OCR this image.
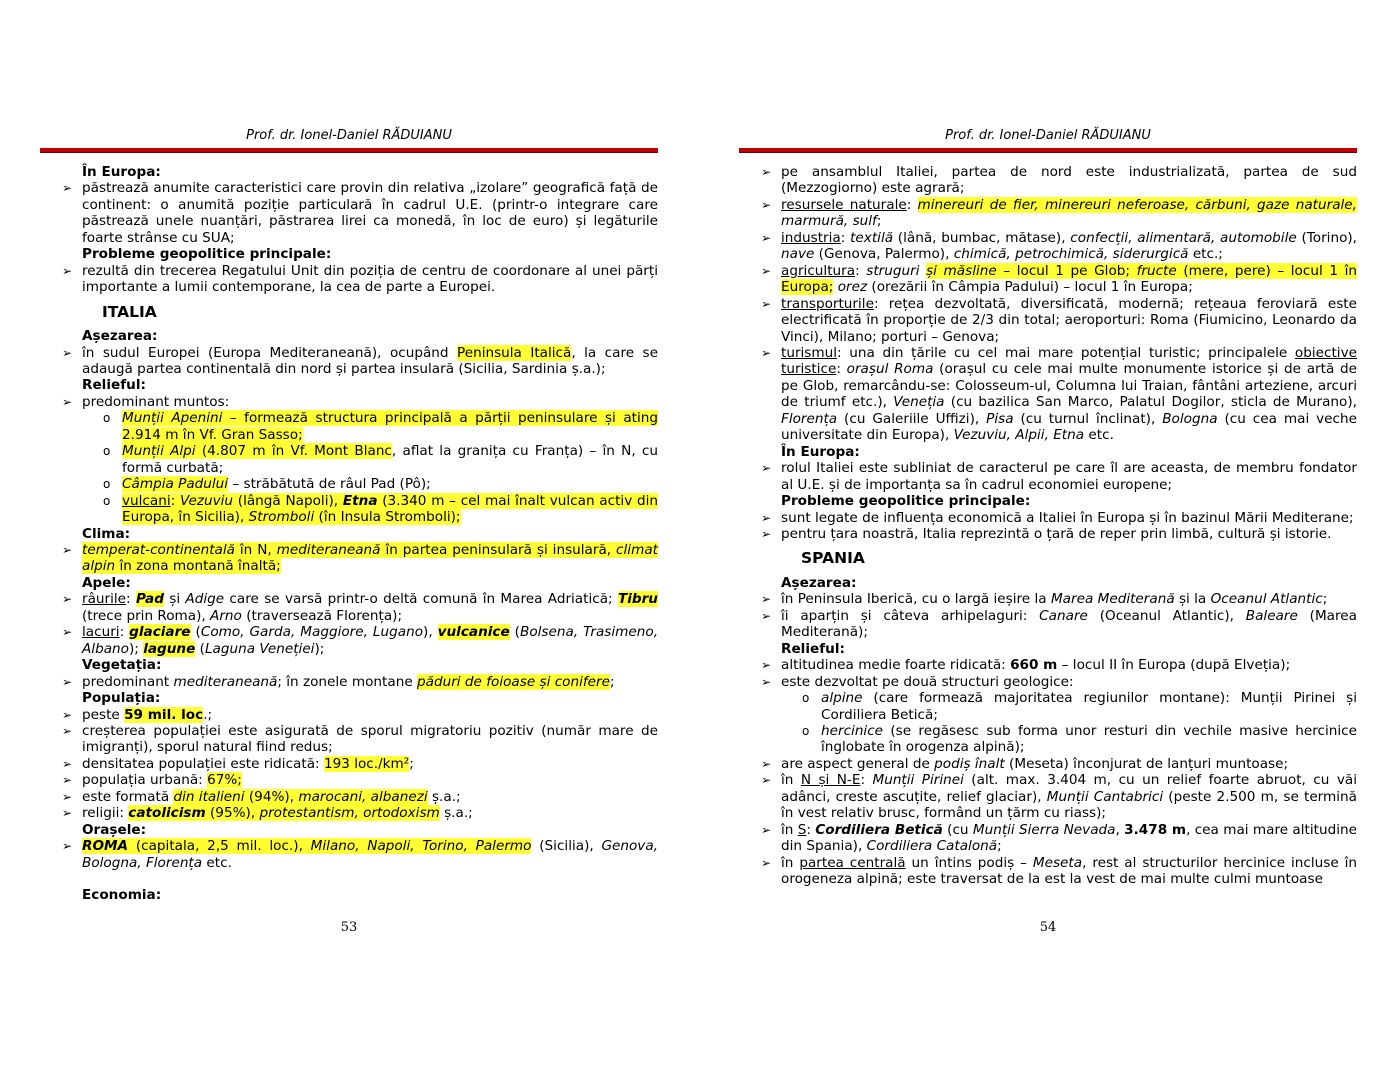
Prof. dr. Ionel-Daniel RĂDUIANU
În Europa:
➢ păstrează anumite caracteristici care provin din relativa „izolare” geografică față de continent: o anumită poziție particulară în cadrul U.E. (printr-o integrare care păstrează unele nuanțări, păstrarea lirei ca monedă, în loc de euro) și legăturile foarte strânse cu SUA;
Probleme geopolitice principale:
➢ rezultă din trecerea Regatului Unit din poziția de centru de coordonare al unei părți importante a lumii contemporane, la cea de parte a Europei.
ITALIA
Așezarea:
➢ în sudul Europei (Europa Mediteraneană), ocupând Peninsula Italică, la care se adaugă partea continentală din nord și partea insulară (Sicilia, Sardinia ș.a.);
Relieful:
➢ predominant muntos:
o Munții Apenini – formează structura principală a părții peninsulare și ating 2.914 m în Vf. Gran Sasso;
o Munții Alpi (4.807 m în Vf. Mont Blanc, aflat la granița cu Franța) – în N, cu formă curbată;
o Câmpia Padului – străbătută de râul Pad (Pô);
o vulcani: Vezuviu (lângă Napoli), Etna (3.340 m – cel mai înalt vulcan activ din Europa, în Sicilia), Stromboli (în Insula Stromboli);
Clima:
➢ temperat-continentală în N, mediteraneană în partea peninsulară și insulară, climat alpin în zona montană înaltă;
Apele:
➢ râurile: Pad și Adige care se varsă printr-o deltă comună în Marea Adriatică; Tibru (trece prin Roma), Arno (traversează Florența);
➢ lacuri: glaciare (Como, Garda, Maggiore, Lugano), vulcanice (Bolsena, Trasimeno, Albano); lagune (Laguna Veneției);
Vegetația:
➢ predominant mediteraneană; în zonele montane păduri de foioase și conifere;
Populația:
➢ peste 59 mil. loc.;
➢ creșterea populației este asigurată de sporul migratoriu pozitiv (număr mare de imigranți), sporul natural fiind redus;
➢ densitatea populației este ridicată: 193 loc./km²;
➢ populația urbană: 67%;
➢ este formată din italieni (94%), marocani, albanezi ș.a.;
➢ religii: catolicism (95%), protestantism, ortodoxism ș.a.;
Orașele:
➢ ROMA (capitala, 2,5 mil. loc.), Milano, Napoli, Torino, Palermo (Sicilia), Genova, Bologna, Florența etc.
Economia:
53
Prof. dr. Ionel-Daniel RĂDUIANU
➢ pe ansamblul Italiei, partea de nord este industrializată, partea de sud (Mezzogiorno) este agrară;
➢ resursele naturale: minereuri de fier, minereuri neferoase, cărbuni, gaze naturale, marmură, sulf;
➢ industria: textilă (lână, bumbac, mătase), confecții, alimentară, automobile (Torino), nave (Genova, Palermo), chimică, petrochimică, siderurgică etc.;
➢ agricultura: struguri și măsline – locul 1 pe Glob; fructe (mere, pere) – locul 1 în Europa; orez (orezării în Câmpia Padului) – locul 1 în Europa;
➢ transporturile: rețea dezvoltată, diversificată, modernă; rețeaua feroviară este electrificată în proporție de 2/3 din total; aeroporturi: Roma (Fiumicino, Leonardo da Vinci), Milano; porturi – Genova;
➢ turismul: una din țările cu cel mai mare potențial turistic; principalele obiective turistice: orașul Roma (orașul cu cele mai multe monumente istorice și de artă de pe Glob, remarcându-se: Colosseum-ul, Columna lui Traian, fântâni arteziene, arcuri de triumf etc.), Veneția (cu bazilica San Marco, Palatul Dogilor, sticla de Murano), Florența (cu Galeriile Uffizi), Pisa (cu turnul înclinat), Bologna (cu cea mai veche universitate din Europa), Vezuviu, Alpii, Etna etc.
În Europa:
➢ rolul Italiei este subliniat de caracterul pe care îl are aceasta, de membru fondator al U.E. și de importanța sa în cadrul economiei europene;
Probleme geopolitice principale:
➢ sunt legate de influența economică a Italiei în Europa și în bazinul Mării Mediterane;
➢ pentru țara noastră, Italia reprezintă o țară de reper prin limbă, cultură și istorie.
SPANIA
Așezarea:
➢ în Peninsula Iberică, cu o largă ieșire la Marea Mediterană și la Oceanul Atlantic;
➢ îi aparțin și câteva arhipelaguri: Canare (Oceanul Atlantic), Baleare (Marea Mediterană);
Relieful:
➢ altitudinea medie foarte ridicată: 660 m – locul II în Europa (după Elveția);
➢ este dezvoltat pe două structuri geologice:
o alpine (care formează majoritatea regiunilor montane): Munții Pirinei și Cordiliera Betică;
o hercinice (se regăsesc sub forma unor resturi din vechile masive hercinice înglobate în orogenza alpină);
➢ are aspect general de podiș înalt (Meseta) înconjurat de lanțuri muntoase;
➢ în N și N-E: Munții Pirinei (alt. max. 3.404 m, cu un relief foarte abruot, cu văi adânci, creste ascuțite, relief glaciar), Munții Cantabrici (peste 2.500 m, se termină în vest relativ brusc, formând un țărm cu riass);
➢ în S: Cordiliera Betică (cu Munții Sierra Nevada, 3.478 m, cea mai mare altitudine din Spania), Cordiliera Catalonă;
➢ în partea centrală un întins podiș – Meseta, rest al structurilor hercinice incluse în orogeneza alpină; este traversat de la est la vest de mai multe culmi muntoase
54
